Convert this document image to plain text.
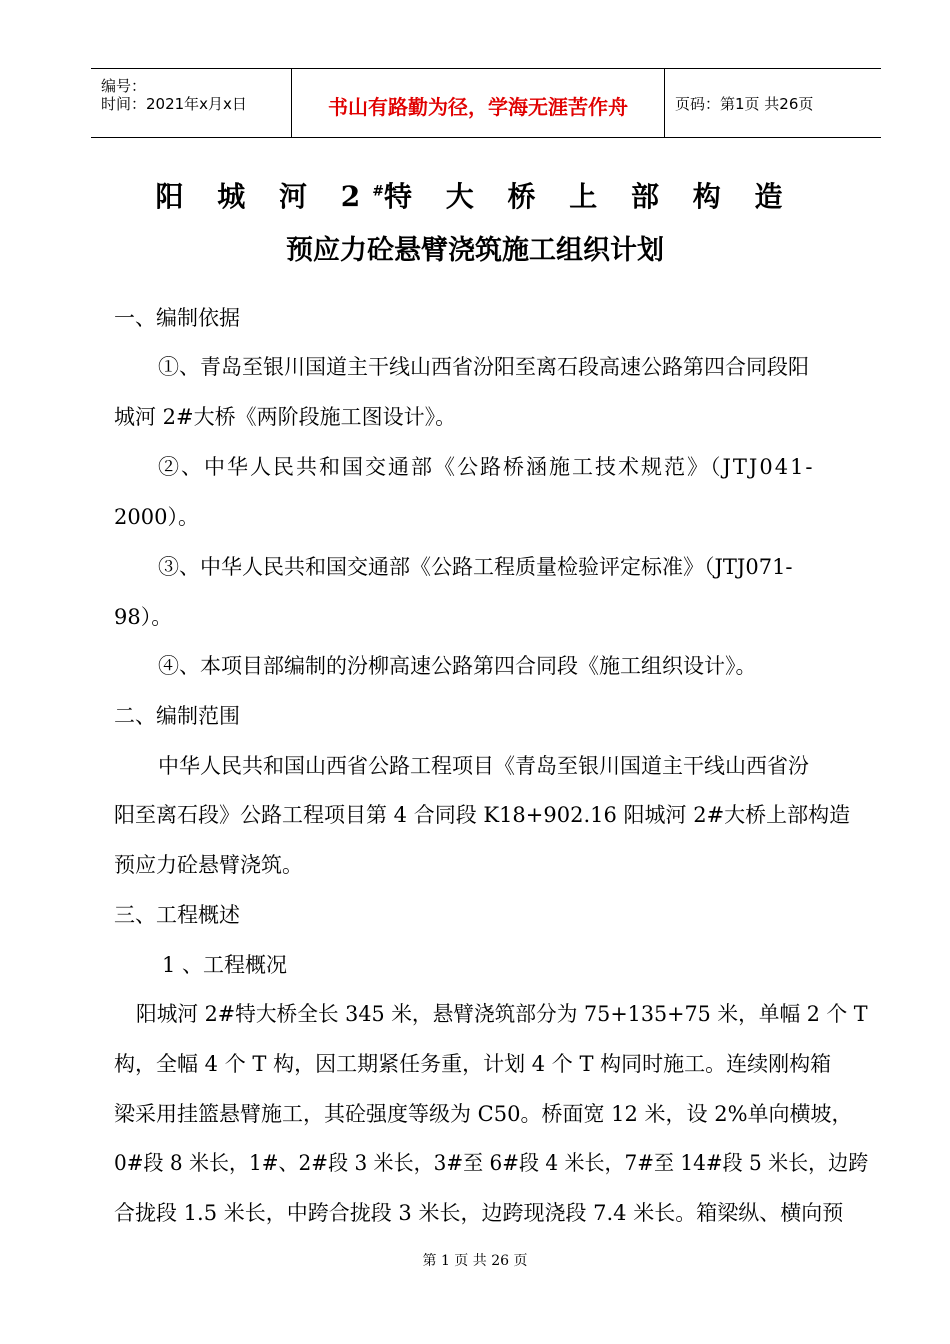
编号：
时间：2021年x月x日	书山有路勤为径，学海无涯苦作舟	页码：第1页 共26页
阳 城 河 2#特 大 桥 上 部 构 造
预应力砼悬臂浇筑施工组织计划
一、编制依据
①、青岛至银川国道主干线山西省汾阳至离石段高速公路第四合同段阳
城河 2#大桥《两阶段施工图设计》。
②、中华人民共和国交通部《公路桥涵施工技术规范》（JTJ041-
2000）。
③、中华人民共和国交通部《公路工程质量检验评定标准》（JTJ071-
98）。
④、本项目部编制的汾柳高速公路第四合同段《施工组织设计》。
二、编制范围
中华人民共和国山西省公路工程项目《青岛至银川国道主干线山西省汾
阳至离石段》公路工程项目第 4 合同段 K18+902.16 阳城河 2#大桥上部构造
预应力砼悬臂浇筑。
三、工程概述
1 、工程概况
阳城河 2#特大桥全长 345 米，悬臂浇筑部分为 75+135+75 米，单幅 2 个 T
构，全幅 4 个 T 构，因工期紧任务重，计划 4 个 T 构同时施工。连续刚构箱
梁采用挂篮悬臂施工，其砼强度等级为 C50。桥面宽 12 米，设 2%单向横坡，
0#段 8 米长，1#、2#段 3 米长，3#至 6#段 4 米长，7#至 14#段 5 米长，边跨
合拢段 1.5 米长，中跨合拢段 3 米长，边跨现浇段 7.4 米长。箱梁纵、横向预
第 1 页 共 26 页
